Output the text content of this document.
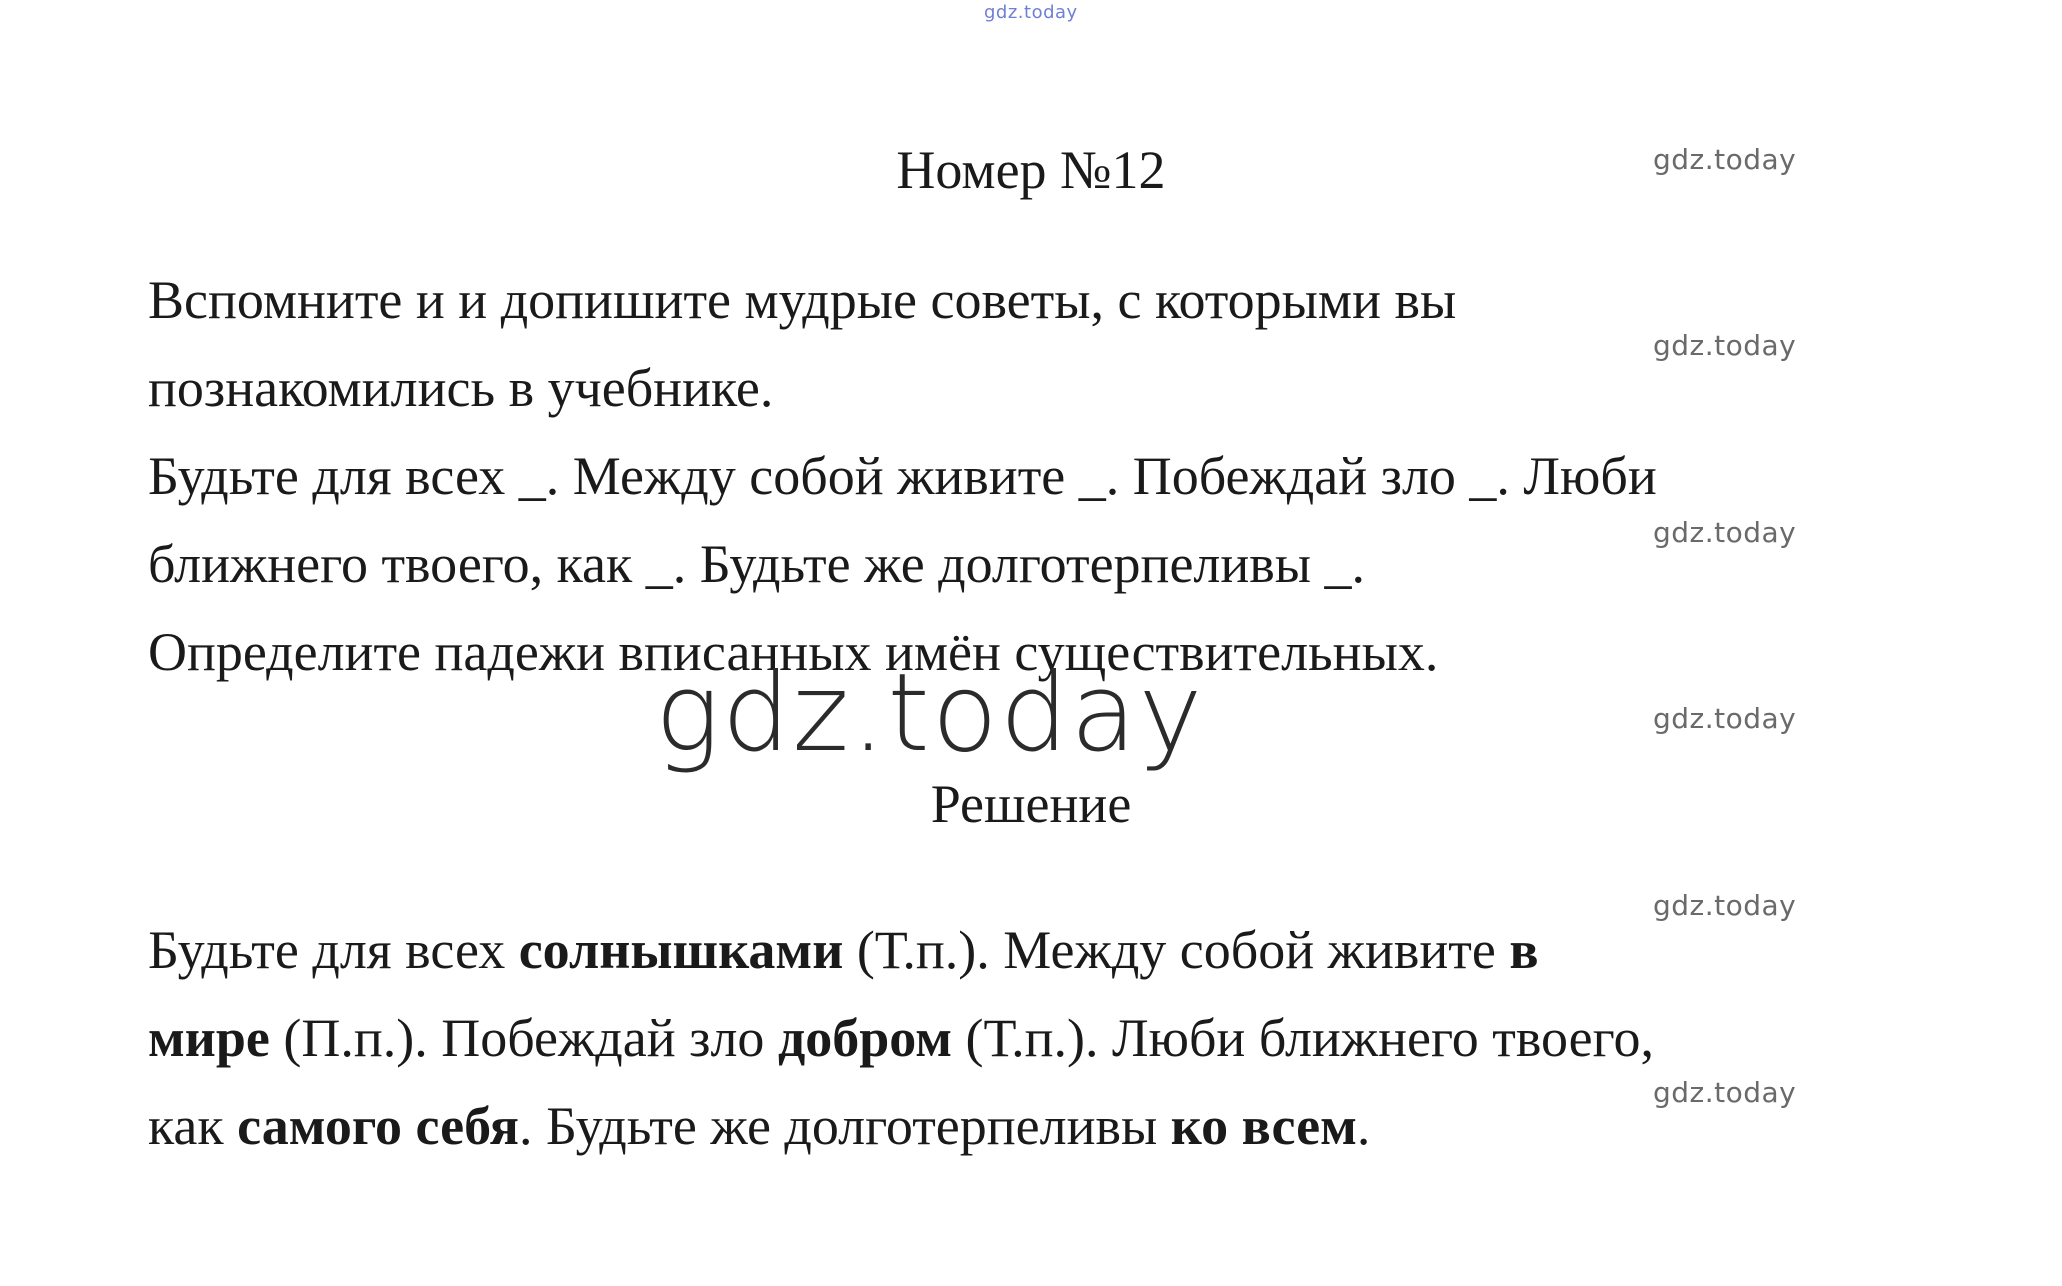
gdz.today
gdz.today
gdz.today
gdz.today
gdz.today
gdz.today
gdz.today
Номер №12
Вспомните и и допишите мудрые советы, с которыми вы
познакомились в учебнике.
Будьте для всех _. Между собой живите _. Побеждай зло _. Люби
ближнего твоего, как _. Будьте же долготерпеливы _.
Определите падежи вписанных имён существительных.
gdz.today
Решение
Будьте для всех солнышками (Т.п.). Между собой живите в
мире (П.п.). Побеждай зло добром (Т.п.). Люби ближнего твоего,
как самого себя. Будьте же долготерпеливы ко всем.
